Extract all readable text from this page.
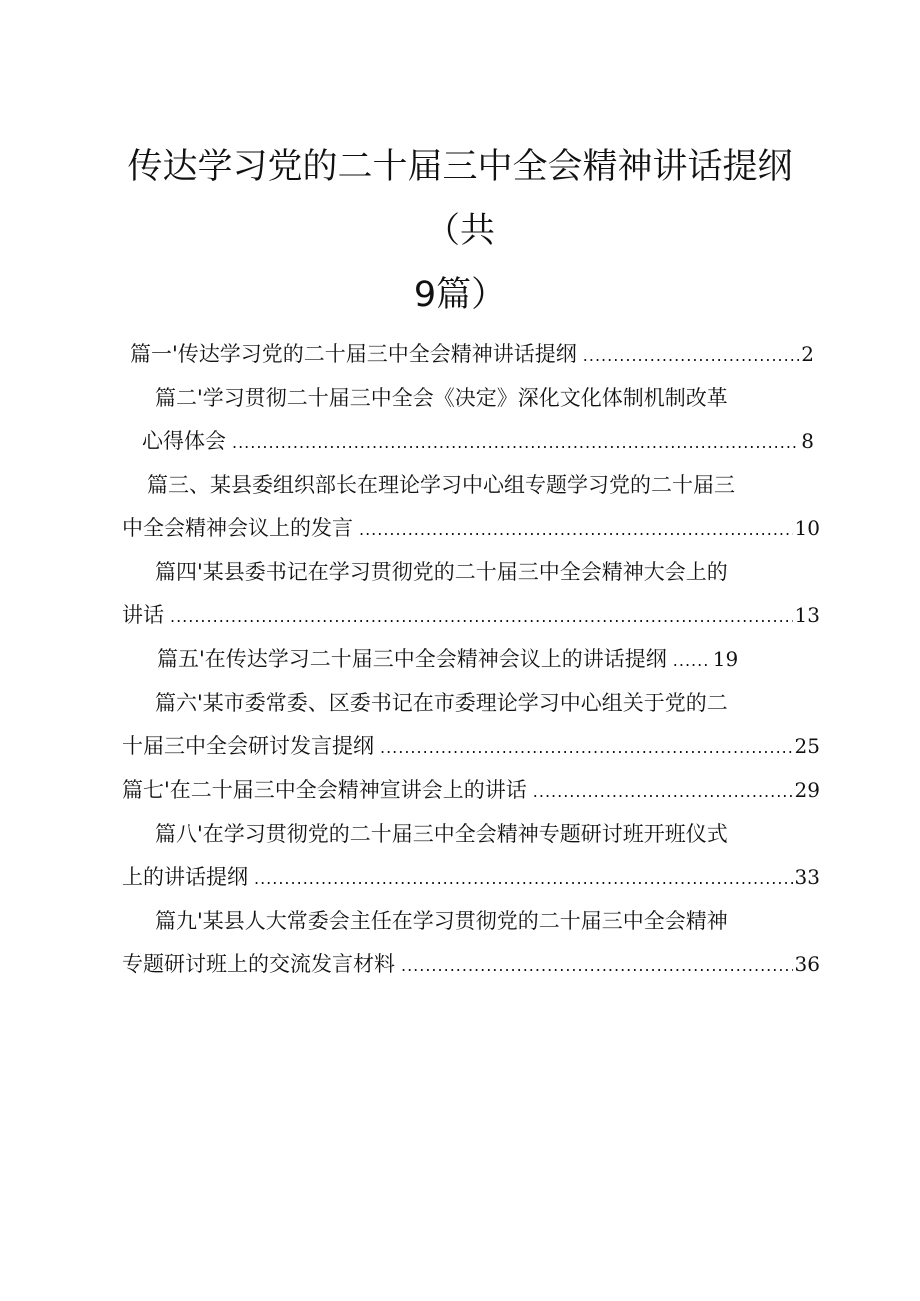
传达学习党的二十届三中全会精神讲话提纲（共
9篇）
篇一'传达学习党的二十届三中全会精神讲话提纲 .....	2
篇二'学习贯彻二十届三中全会《决定》深化文化体制机制改革
心得体会 .....	8
篇三、某县委组织部长在理论学习中心组专题学习党的二十届三
中全会精神会议上的发言 .....	10
篇四'某县委书记在学习贯彻党的二十届三中全会精神大会上的
讲话 .....	13
篇五'在传达学习二十届三中全会精神会议上的讲话提纲 ..... 19
篇六'某市委常委、区委书记在市委理论学习中心组关于党的二
十届三中全会研讨发言提纲 .....	25
篇七'在二十届三中全会精神宣讲会上的讲话 .....	29
篇八'在学习贯彻党的二十届三中全会精神专题研讨班开班仪式
上的讲话提纲 .....	33
篇九'某县人大常委会主任在学习贯彻党的二十届三中全会精神
专题研讨班上的交流发言材料 .....	36
